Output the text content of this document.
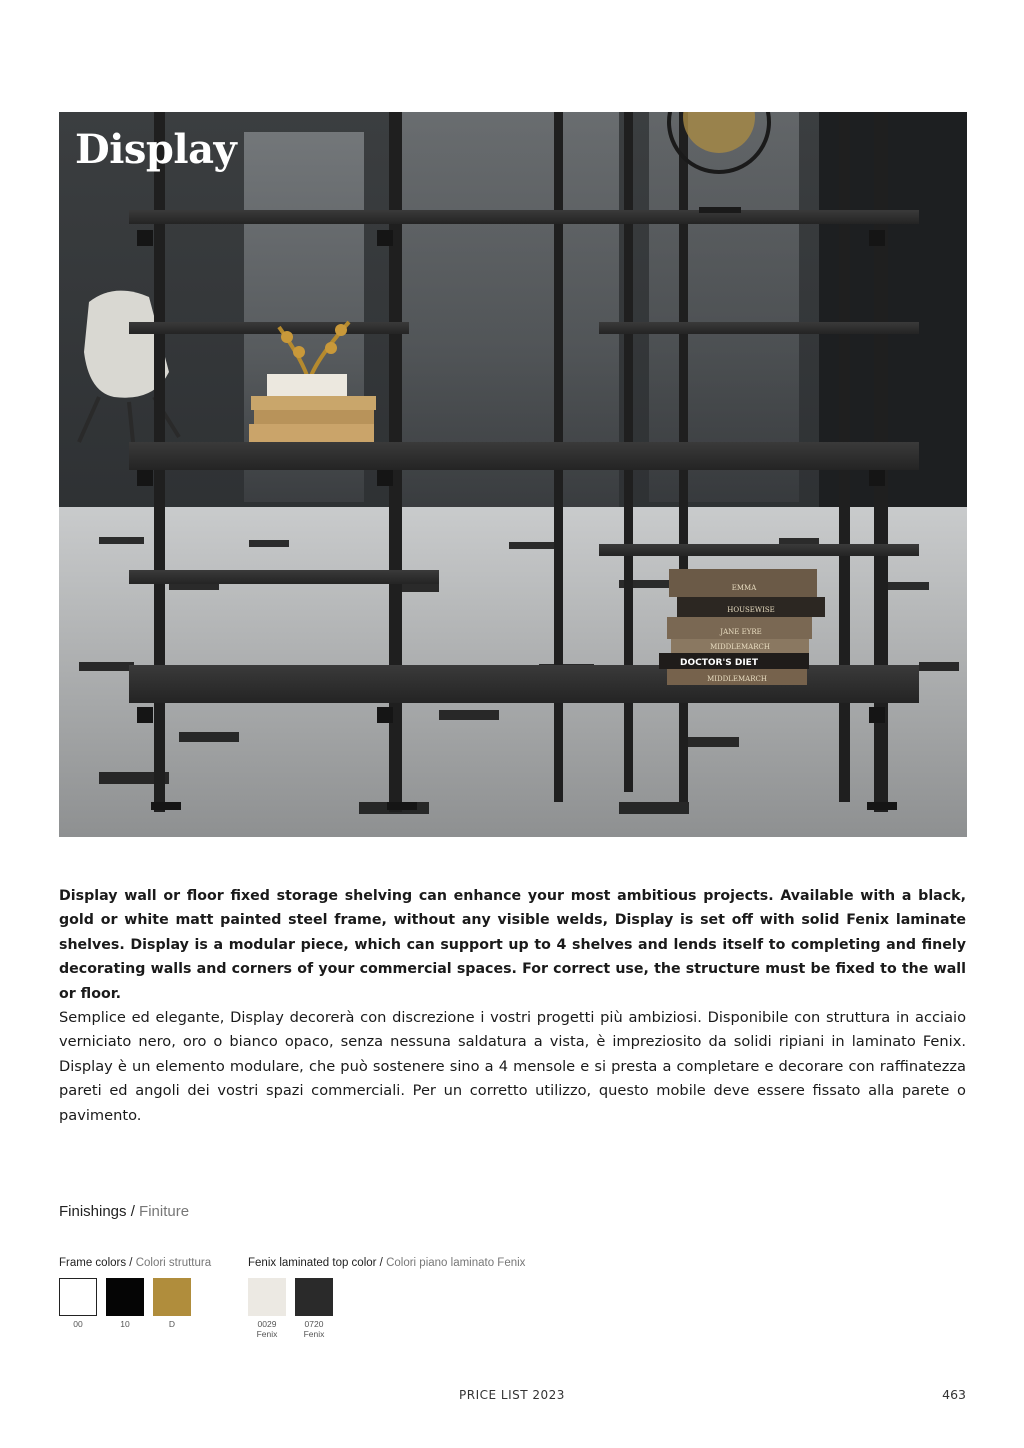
EMMA
HOUSEWISE
JANE EYRE
MIDDLEMARCH
DOCTOR'S DIET
MIDDLEMARCH
Display

Display wall or floor fixed storage shelving can enhance your most ambitious projects. Available with a black, gold or white matt painted steel frame, without any visible welds, Display is set off with solid Fenix laminate shelves. Display is a modular piece, which can support up to 4 shelves and lends itself to completing and finely decorating walls and corners of your commercial spaces. For correct use, the structure must be fixed to the wall or floor.

Semplice ed elegante, Display decorerà con discrezione i vostri progetti più ambiziosi. Disponibile con struttura in acciaio verniciato nero, oro o bianco opaco, senza nessuna saldatura a vista, è impreziosito da solidi ripiani in laminato Fenix. Display è un elemento modulare, che può sostenere sino a 4 mensole e si presta a completare e decorare con raffinatezza pareti ed angoli dei vostri spazi commerciali. Per un corretto utilizzo, questo mobile deve essere fissato alla parete o pavimento.

Finishings / Finiture
Frame colors / Colori struttura	Fenix laminated top color / Colori piano laminato Fenix
00	10	D	0029
Fenix
0720
Fenix
PRICE LIST 2023	463
